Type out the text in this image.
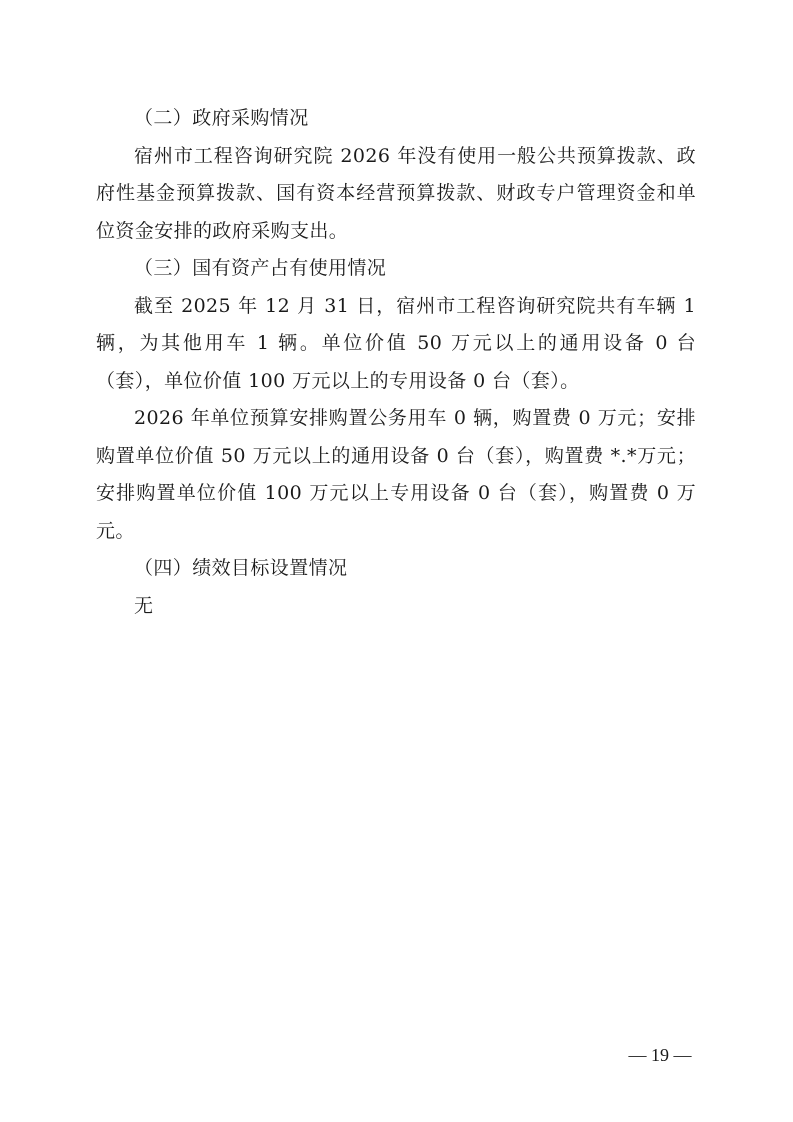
（二）政府采购情况

宿州市工程咨询研究院 2026 年没有使用一般公共预算拨款、政府性基金预算拨款、国有资本经营预算拨款、财政专户管理资金和单位资金安排的政府采购支出。

（三）国有资产占有使用情况

截至 2025 年 12 月 31 日，宿州市工程咨询研究院共有车辆 1 辆，为其他用车 1 辆。单位价值 50 万元以上的通用设备 0 台（套），单位价值 100 万元以上的专用设备 0 台（套）。

2026 年单位预算安排购置公务用车 0 辆，购置费 0 万元；安排购置单位价值 50 万元以上的通用设备 0 台（套），购置费 *.*万元；安排购置单位价值 100 万元以上专用设备 0 台（套），购置费 0 万元。

（四）绩效目标设置情况

无

— 19 —
